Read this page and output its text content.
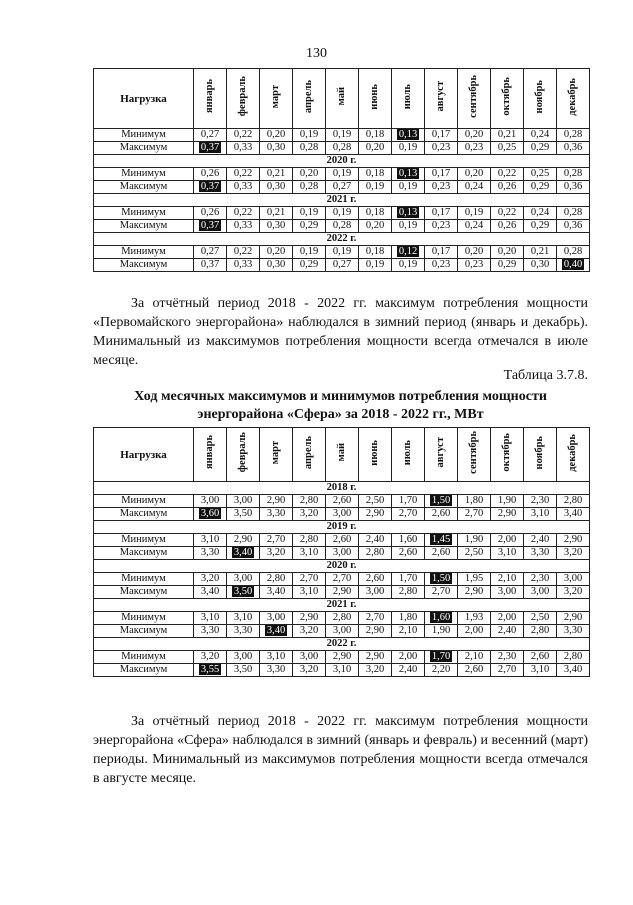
130
Нагрузка	январь	февраль	март	апрель	май	июнь	июль	август	сентябрь	октябрь	ноябрь	декабрь
Минимум	0,27	0,22	0,20	0,19	0,19	0,18	0,13	0,17	0,20	0,21	0,24	0,28
Максимум	0,37	0,33	0,30	0,28	0,28	0,20	0,19	0,23	0,23	0,25	0,29	0,36
2020 г.												
Минимум	0,26	0,22	0,21	0,20	0,19	0,18	0,13	0,17	0,20	0,22	0,25	0,28
Максимум	0,37	0,33	0,30	0,28	0,27	0,19	0,19	0,23	0,24	0,26	0,29	0,36
2021 г.												
Минимум	0,26	0,22	0,21	0,19	0,19	0,18	0,13	0,17	0,19	0,22	0,24	0,28
Максимум	0,37	0,33	0,30	0,29	0,28	0,20	0,19	0,23	0,24	0,26	0,29	0,36
2022 г.												
Минимум	0,27	0,22	0,20	0,19	0,19	0,18	0,12	0,17	0,20	0,20	0,21	0,28
Максимум	0,37	0,33	0,30	0,29	0,27	0,19	0,19	0,23	0,23	0,29	0,30	0,40
За отчётный период 2018 - 2022 гг. максимум потребления мощности «Первомайского энергорайона» наблюдался в зимний период (январь и декабрь). Минимальный из максимумов потребления мощности всегда отмечался в июле месяце.
Таблица 3.7.8.
Ход месячных максимумов и минимумов потребления мощности энергорайона «Сфера» за 2018 - 2022 гг., МВт
Нагрузка	январь	февраль	март	апрель	май	июнь	июль	август	сентябрь	октябрь	ноябрь	декабрь
2018 г.												
Минимум	3,00	3,00	2,90	2,80	2,60	2,50	1,70	1,50	1,80	1,90	2,30	2,80
Максимум	3,60	3,50	3,30	3,20	3,00	2,90	2,70	2,60	2,70	2,90	3,10	3,40
2019 г.												
Минимум	3,10	2,90	2,70	2,80	2,60	2,40	1,60	1,45	1,90	2,00	2,40	2,90
Максимум	3,30	3,40	3,20	3,10	3,00	2,80	2,60	2,60	2,50	3,10	3,30	3,20
2020 г.												
Минимум	3,20	3,00	2,80	2,70	2,70	2,60	1,70	1,50	1,95	2,10	2,30	3,00
Максимум	3,40	3,50	3,40	3,10	2,90	3,00	2,80	2,70	2,90	3,00	3,00	3,20
2021 г.												
Минимум	3,10	3,10	3,00	2,90	2,80	2,70	1,80	1,60	1,93	2,00	2,50	2,90
Максимум	3,30	3,30	3,40	3,20	3,00	2,90	2,10	1,90	2,00	2,40	2,80	3,30
2022 г.												
Минимум	3,20	3,00	3,10	3,00	2,90	2,90	2,00	1,70	2,10	2,30	2,60	2,80
Максимум	3,55	3,50	3,30	3,20	3,10	3,20	2,40	2,20	2,60	2,70	3,10	3,40
За отчётный период 2018 - 2022 гг. максимум потребления мощности энергорайона «Сфера» наблюдался в зимний (январь и февраль) и весенний (март) периоды. Минимальный из максимумов потребления мощности всегда отмечался в августе месяце.
